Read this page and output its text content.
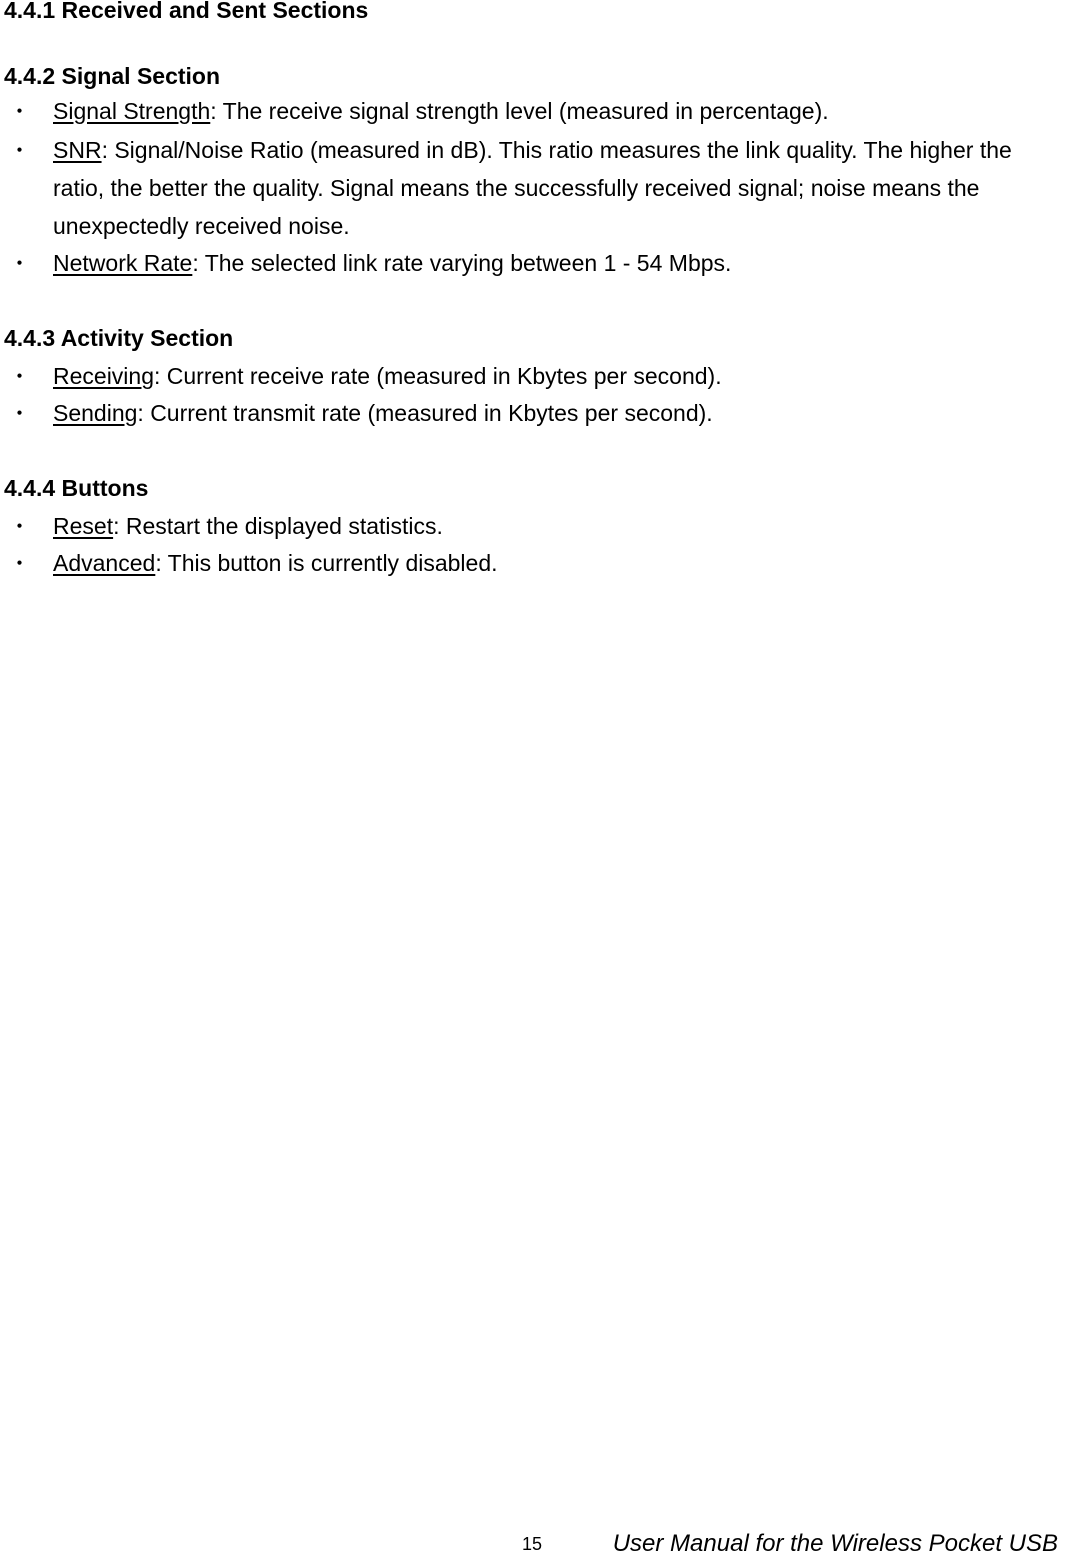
4.4.1 Received and Sent Sections
4.4.2 Signal Section
・ Signal Strength: The receive signal strength level (measured in percentage).
・ SNR: Signal/Noise Ratio (measured in dB). This ratio measures the link quality. The higher the ratio, the better the quality. Signal means the successfully received signal; noise means the unexpectedly received noise.
・ Network Rate: The selected link rate varying between 1 - 54 Mbps.
4.4.3 Activity Section
・ Receiving: Current receive rate (measured in Kbytes per second).
・ Sending: Current transmit rate (measured in Kbytes per second).
4.4.4 Buttons
・ Reset: Restart the displayed statistics.
・ Advanced: This button is currently disabled.
15	User Manual for the Wireless Pocket USB
